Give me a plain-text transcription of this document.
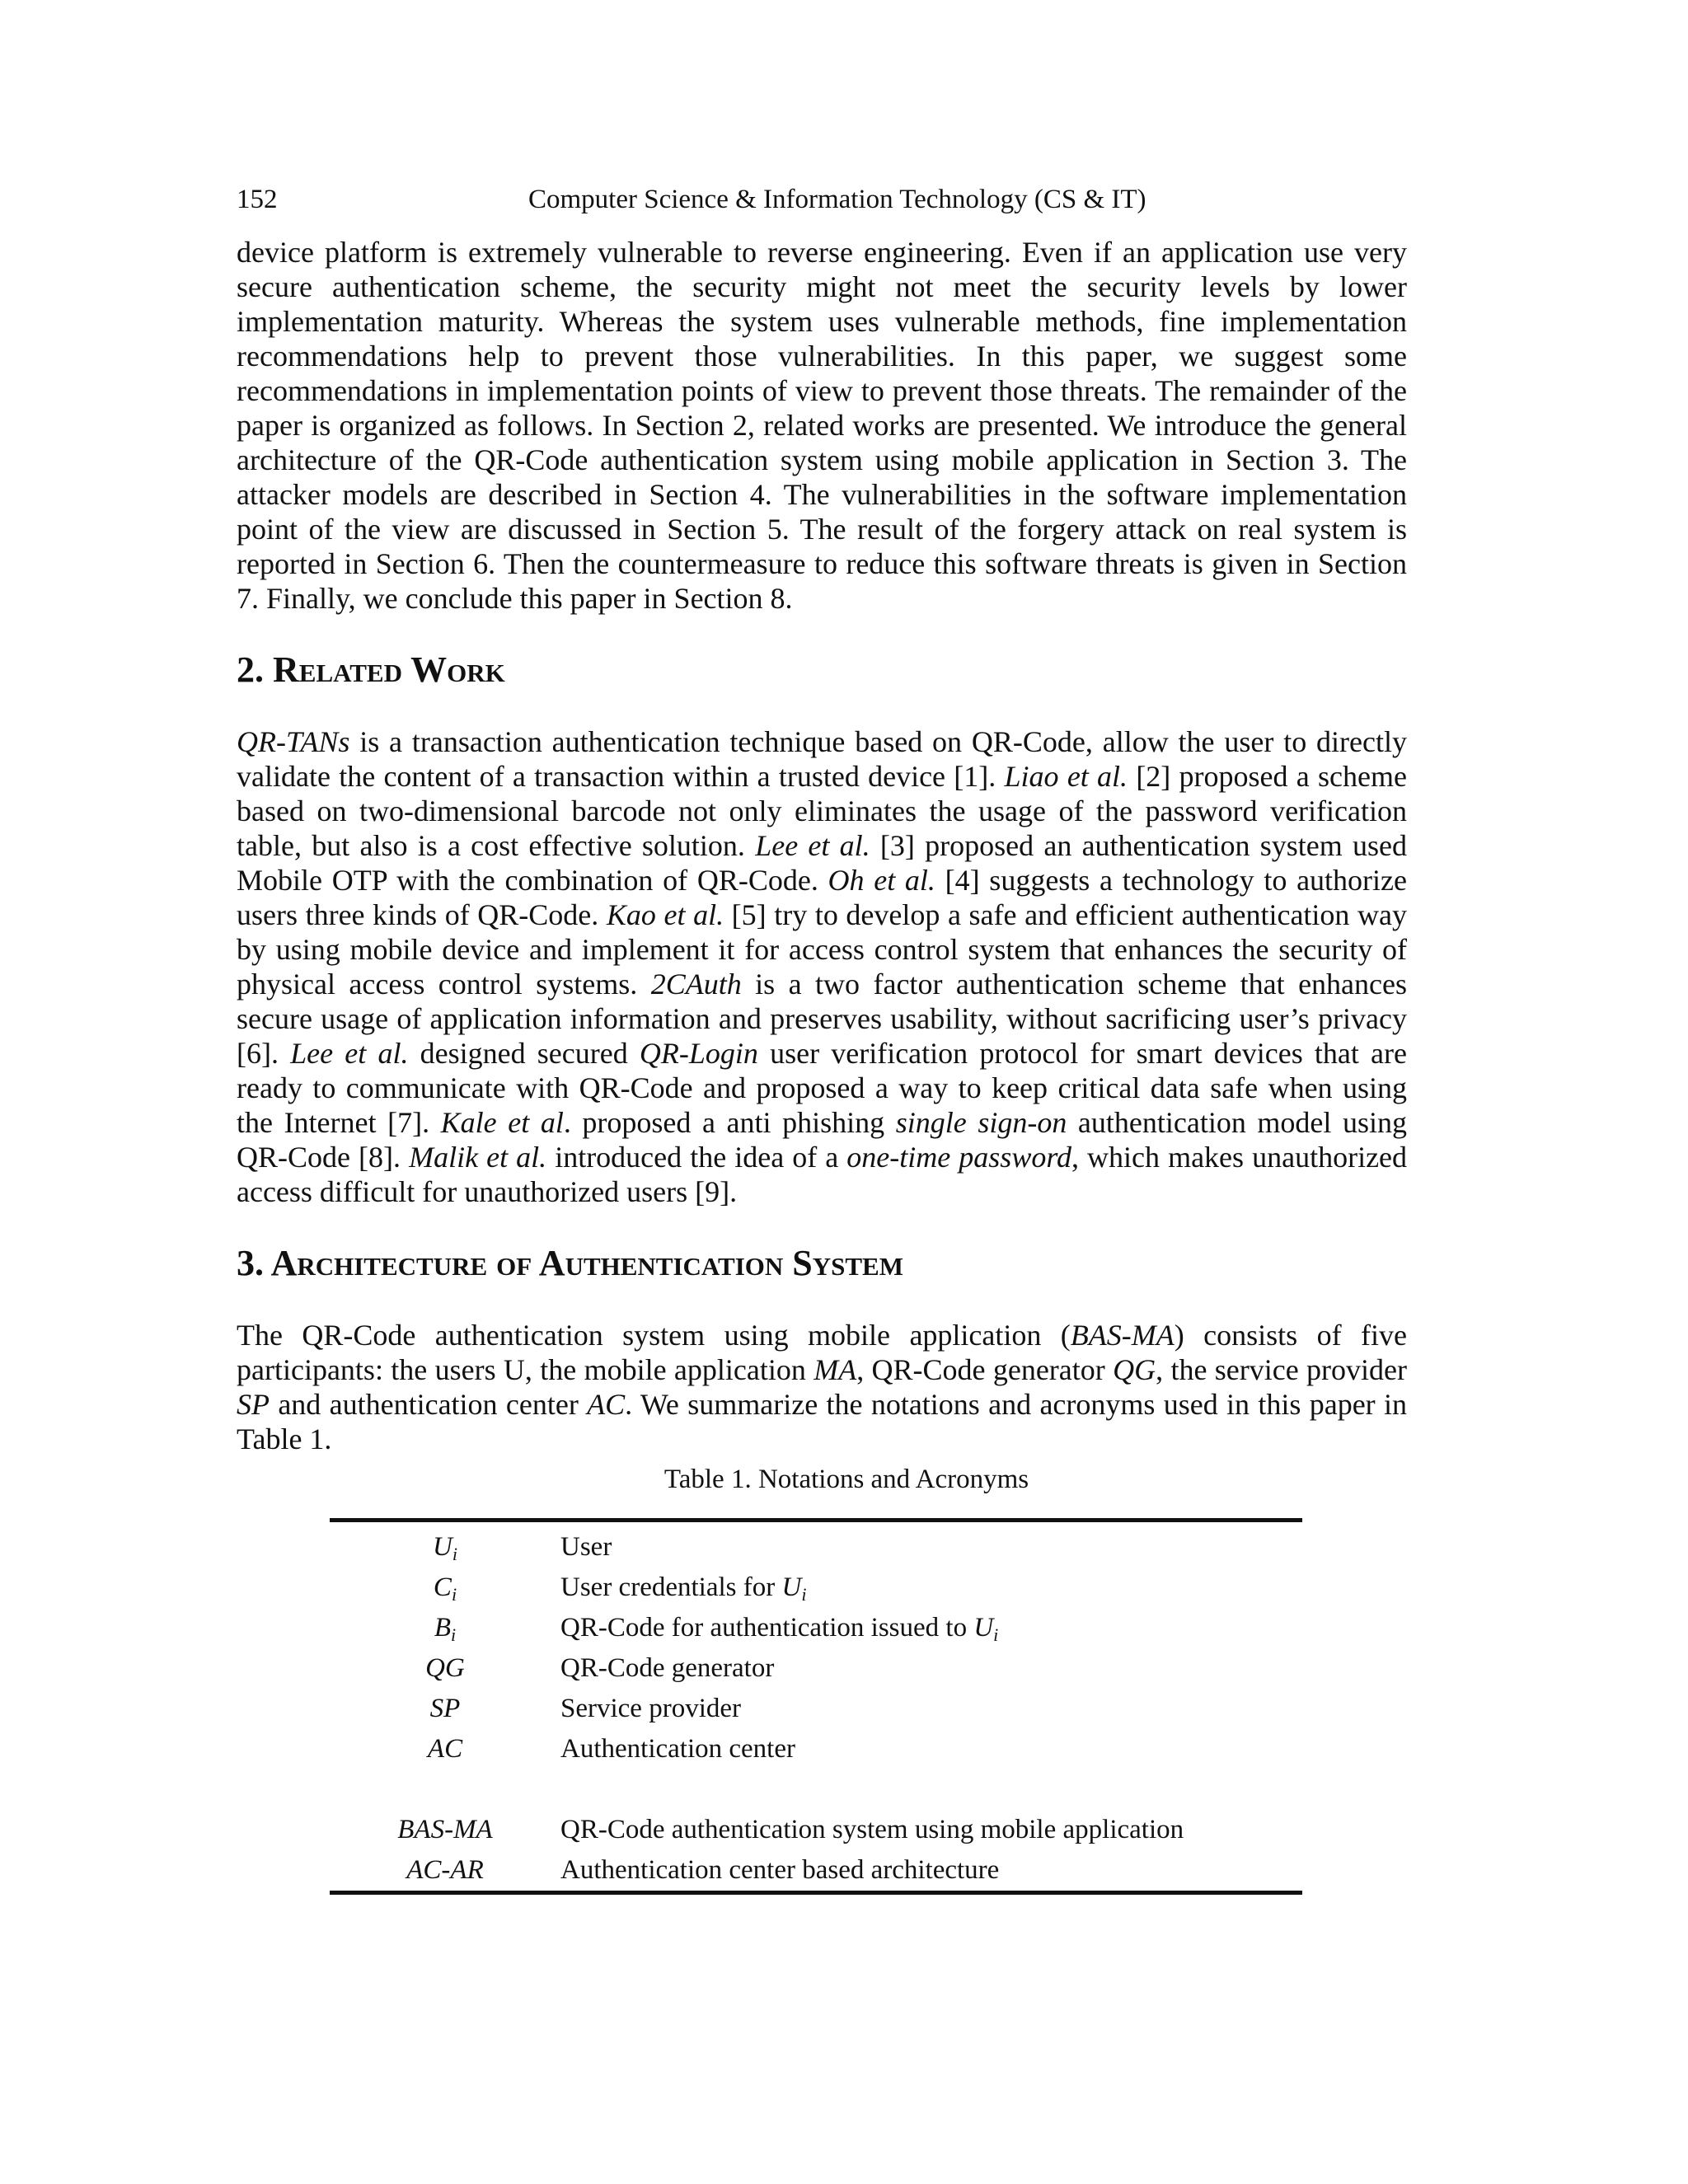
152	Computer Science & Information Technology (CS & IT)

device platform is extremely vulnerable to reverse engineering. Even if an application use very secure authentication scheme, the security might not meet the security levels by lower implementation maturity. Whereas the system uses vulnerable methods, fine implementation recommendations help to prevent those vulnerabilities. In this paper, we suggest some recommendations in implementation points of view to prevent those threats. The remainder of the paper is organized as follows. In Section 2, related works are presented. We introduce the general architecture of the QR-Code authentication system using mobile application in Section 3. The attacker models are described in Section 4. The vulnerabilities in the software implementation point of the view are discussed in Section 5. The result of the forgery attack on real system is reported in Section 6. Then the countermeasure to reduce this software threats is given in Section 7. Finally, we conclude this paper in Section 8.

2. Related Work

QR-TANs is a transaction authentication technique based on QR-Code, allow the user to directly validate the content of a transaction within a trusted device [1]. Liao et al. [2] proposed a scheme based on two-dimensional barcode not only eliminates the usage of the password verification table, but also is a cost effective solution. Lee et al. [3] proposed an authentication system used Mobile OTP with the combination of QR-Code. Oh et al. [4] suggests a technology to authorize users three kinds of QR-Code. Kao et al. [5] try to develop a safe and efficient authentication way by using mobile device and implement it for access control system that enhances the security of physical access control systems. 2CAuth is a two factor authentication scheme that enhances secure usage of application information and preserves usability, without sacrificing user’s privacy [6]. Lee et al. designed secured QR-Login user verification protocol for smart devices that are ready to communicate with QR-Code and proposed a way to keep critical data safe when using the Internet [7]. Kale et al. proposed a anti phishing single sign-on authentication model using QR-Code [8]. Malik et al. introduced the idea of a one-time password, which makes unauthorized access difficult for unauthorized users [9].

3. Architecture of Authentication System

The QR-Code authentication system using mobile application (BAS-MA) consists of five participants: the users U, the mobile application MA, QR-Code generator QG, the service provider SP and authentication center AC. We summarize the notations and acronyms used in this paper in Table 1.

Table 1. Notations and Acronyms
$U_i$	User
$C_i$	User credentials for $U_i$
$B_i$	QR-Code for authentication issued to $U_i$
QG	QR-Code generator
SP	Service provider
AC	Authentication center

BAS-MA	QR-Code authentication system using mobile application
AC-AR	Authentication center based architecture
